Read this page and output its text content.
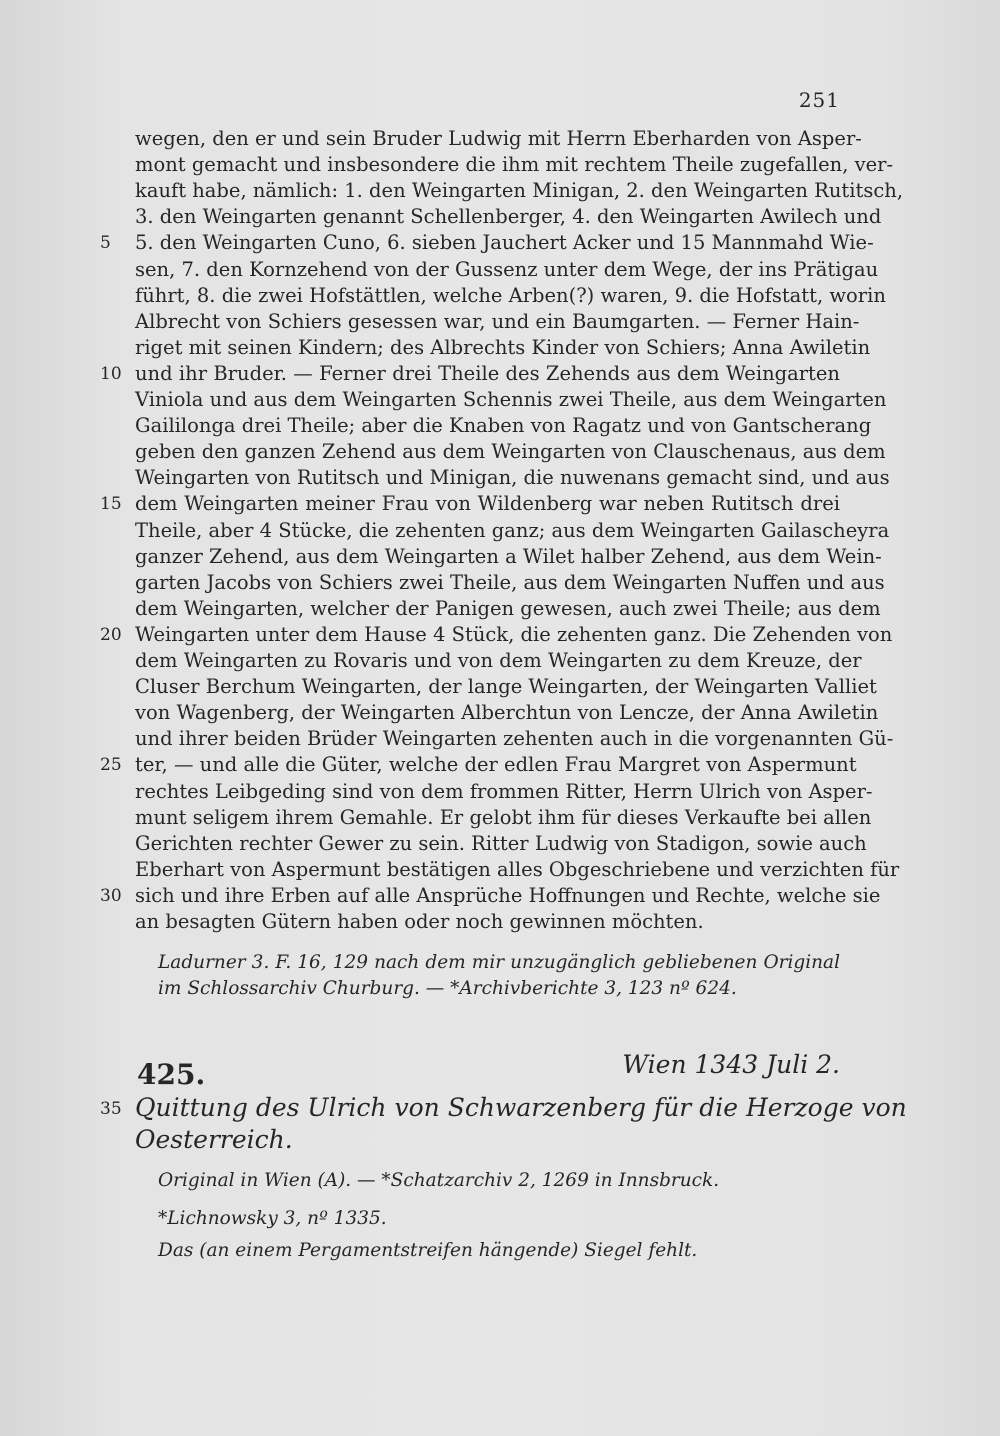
251
wegen, den er und sein Bruder Ludwig mit Herrn Eberharden von Asper-
mont gemacht und insbesondere die ihm mit rechtem Theile zugefallen, ver-
kauft habe, nämlich: 1. den Weingarten Minigan, 2. den Weingarten Rutitsch,
3. den Weingarten genannt Schellenberger, 4. den Weingarten Awilech und
5	5. den Weingarten Cuno, 6. sieben Jauchert Acker und 15 Mannmahd Wie-
sen, 7. den Kornzehend von der Gussenz unter dem Wege, der ins Prätigau
führt, 8. die zwei Hofstättlen, welche Arben(?) waren, 9. die Hofstatt, worin
Albrecht von Schiers gesessen war, und ein Baumgarten. — Ferner Hain-
riget mit seinen Kindern; des Albrechts Kinder von Schiers; Anna Awiletin
10 und ihr Bruder. — Ferner drei Theile des Zehends aus dem Weingarten
Viniola und aus dem Weingarten Schennis zwei Theile, aus dem Weingarten
Gaililonga drei Theile; aber die Knaben von Ragatz und von Gantscherang
geben den ganzen Zehend aus dem Weingarten von Clauschenaus, aus dem
Weingarten von Rutitsch und Minigan, die nuwenans gemacht sind, und aus
15 dem Weingarten meiner Frau von Wildenberg war neben Rutitsch drei
Theile, aber 4 Stücke, die zehenten ganz; aus dem Weingarten Gailascheyra
ganzer Zehend, aus dem Weingarten a Wilet halber Zehend, aus dem Wein-
garten Jacobs von Schiers zwei Theile, aus dem Weingarten Nuffen und aus
dem Weingarten, welcher der Panigen gewesen, auch zwei Theile; aus dem
20 Weingarten unter dem Hause 4 Stück, die zehenten ganz. Die Zehenden von
dem Weingarten zu Rovaris und von dem Weingarten zu dem Kreuze, der
Cluser Berchum Weingarten, der lange Weingarten, der Weingarten Valliet
von Wagenberg, der Weingarten Alberchtun von Lencze, der Anna Awiletin
und ihrer beiden Brüder Weingarten zehenten auch in die vorgenannten Gü-
25 ter, — und alle die Güter, welche der edlen Frau Margret von Aspermunt
rechtes Leibgeding sind von dem frommen Ritter, Herrn Ulrich von Asper-
munt seligem ihrem Gemahle. Er gelobt ihm für dieses Verkaufte bei allen
Gerichten rechter Gewer zu sein. Ritter Ludwig von Stadigon, sowie auch
Eberhart von Aspermunt bestätigen alles Obgeschriebene und verzichten für
30 sich und ihre Erben auf alle Ansprüche Hoffnungen und Rechte, welche sie
an besagten Gütern haben oder noch gewinnen möchten.
Ladurner 3. F. 16, 129 nach dem mir unzugänglich gebliebenen Original
im Schlossarchiv Churburg. — *Archivberichte 3, 123 nº 624.
425.	Wien 1343 Juli 2.
35 Quittung des Ulrich von Schwarzenberg für die Herzoge von
Oesterreich.
Original in Wien (A). — *Schatzarchiv 2, 1269 in Innsbruck.
*Lichnowsky 3, nº 1335.
Das (an einem Pergamentstreifen hängende) Siegel fehlt.
